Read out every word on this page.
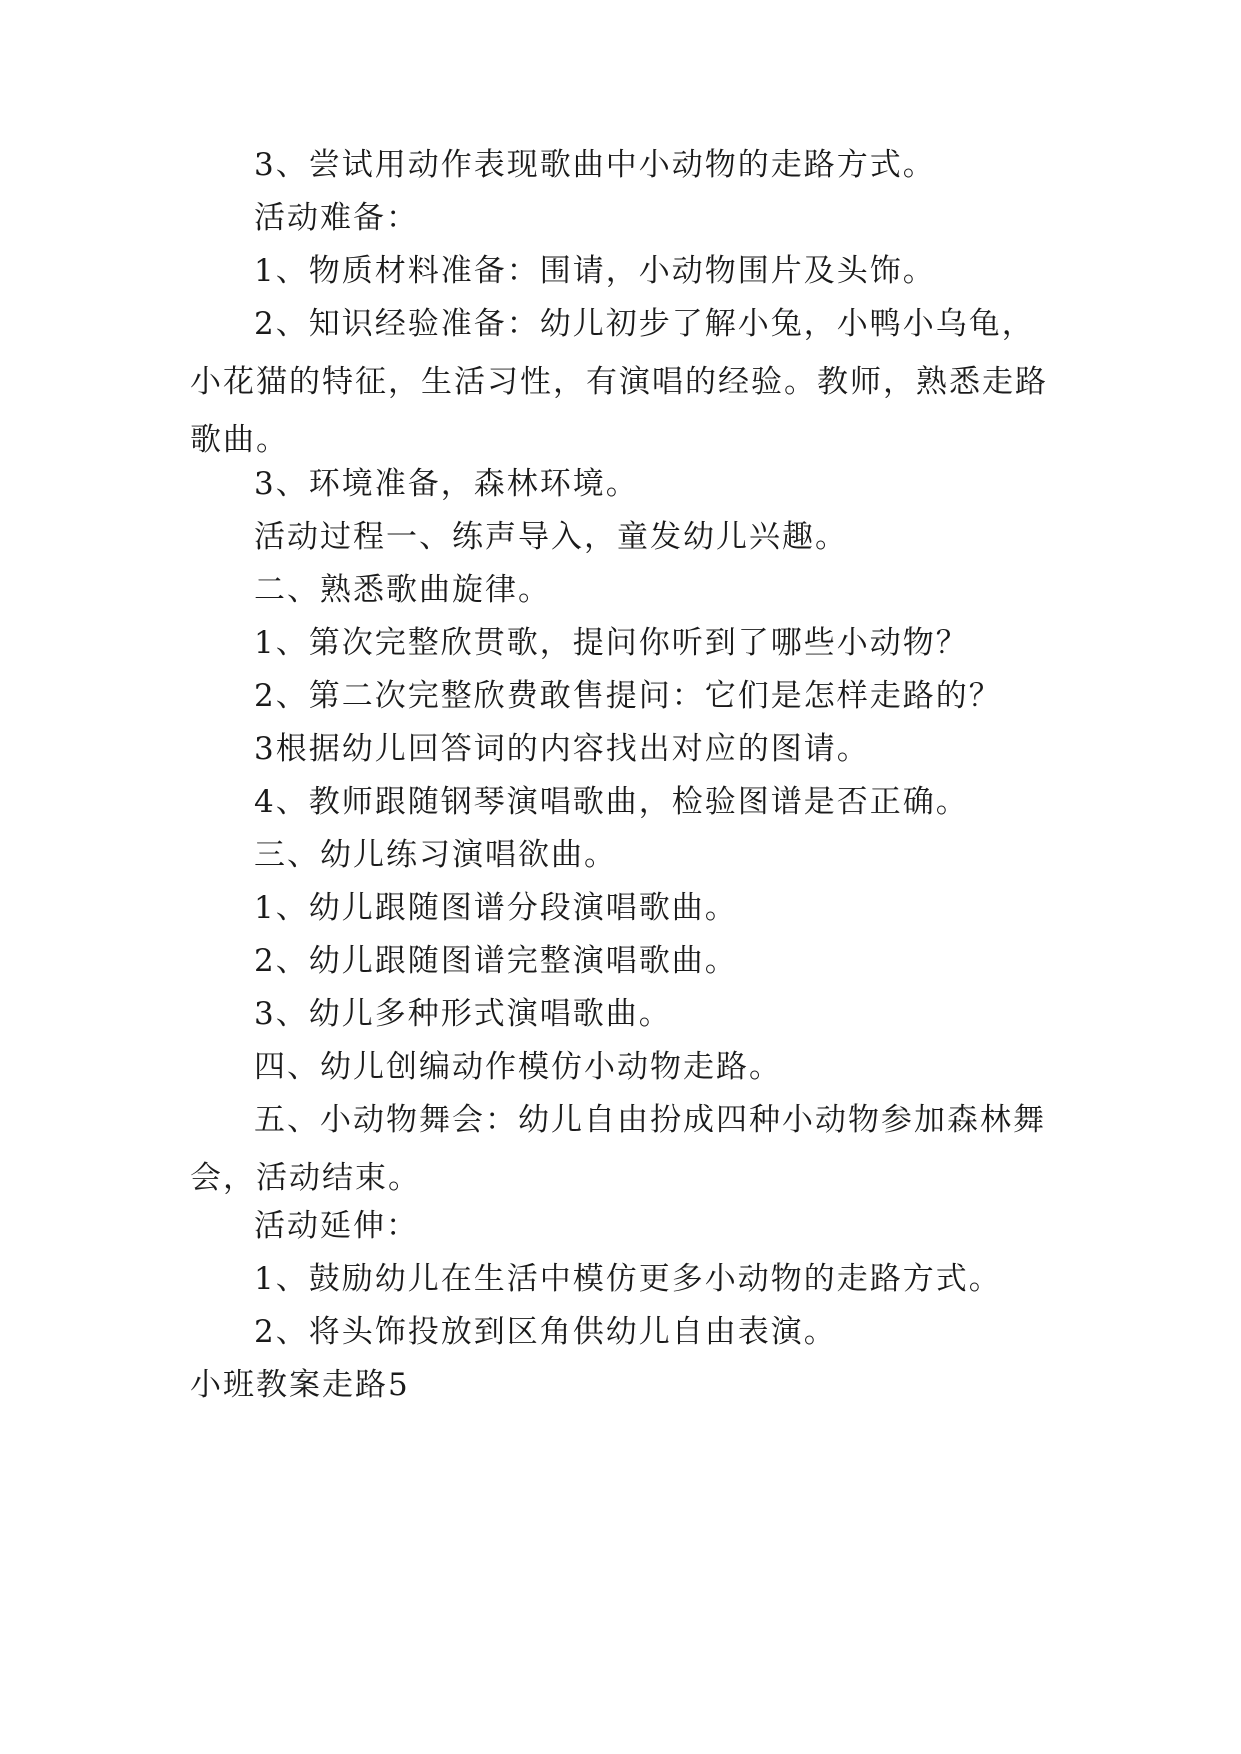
3、尝试用动作表现歌曲中小动物的走路方式。

活动难备：

1、物质材料准备：围请，小动物围片及头饰。

2、知识经验准备：幼儿初步了解小兔，小鸭小乌龟，小花猫的特征，生活习性，有演唱的经验。教师，熟悉走路歌曲。

3、环境准备，森林环境。

活动过程一、练声导入，童发幼儿兴趣。

二、熟悉歌曲旋律。

1、第次完整欣贯歌，提问你听到了哪些小动物？

2、第二次完整欣费敢售提问：它们是怎样走路的？

3根据幼儿回答词的内容找出对应的图请。

4、教师跟随钢琴演唱歌曲，检验图谱是否正确。

三、幼儿练习演唱欲曲。

1、幼儿跟随图谱分段演唱歌曲。

2、幼儿跟随图谱完整演唱歌曲。

3、幼儿多种形式演唱歌曲。

四、幼儿创编动作模仿小动物走路。

五、小动物舞会：幼儿自由扮成四种小动物参加森林舞会，活动结束。

活动延伸：

1、鼓励幼儿在生活中模仿更多小动物的走路方式。

2、将头饰投放到区角供幼儿自由表演。

小班教案走路5
